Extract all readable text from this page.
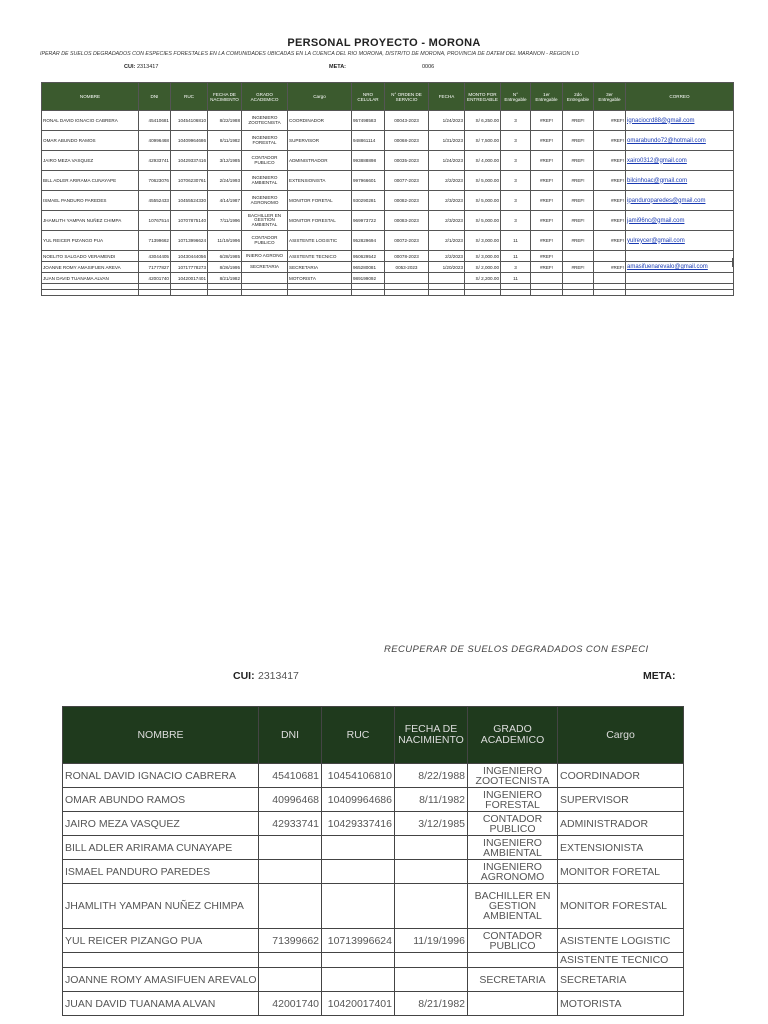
PERSONAL PROYECTO - MORONA
IPERAR DE SUELOS DEGRADADOS CON ESPECIES FORESTALES EN LA COMUNIDADES UBICADAS EN LA CUENCA DEL RIO MORONA, DISTRITO DE MORONA, PROVINCIA DE DATEM DEL MARAÑON - REGION LO
CUI: 2313417	META:	0006
NOMBRE	DNI	RUC	FECHA DE NACIMIENTO	GRADO ACADEMICO	Cargo	NRO CELULAR	N° ORDEN DE SERVICIO	FECHA	MONTO POR ENTREGABLE	N° Entregable	1er Entregable	2do Entregable	3er Entregable	CORREO
RONAL DAVID IGNACIO CABRERA	45410681	10454106810	8/22/1988	INGENIERO ZOOTECNISTA	COORDINADOR	957498583	00043-2023	1/24/2023	S/ 6,250.00	3	#REF!	#REF!	#REF!	ignaciocrd88@gmail.com
OMAR ABUNDO RAMOS	40996468	10409964686	8/11/1982	INGENIERO FORESTAL	SUPERVISOR	948861114	00068-2023	1/31/2023	S/ 7,500.00	3	#REF!	#REF!	#REF!	omarabundo72@hotmail.com
JAIRO MEZA VASQUEZ	42933741	10429337416	3/12/1985	CONTADOR PUBLICO	ADMINISTRADOR	993888898	00035-2023	1/24/2023	S/ 4,000.00	3	#REF!	#REF!	#REF!	xairo0312@gmail.com
BILL ADLER ARIRAMA CUNAYAPE	70623076	10706230761	2/24/1993	INGENIERO AMBIENTAL	EXTENSIONISTA	997966601	00077-2023	2/2/2023	S/ 5,000.00	3	#REF!	#REF!	#REF!	bilcinhoac@gmail.com
ISMAEL PANDURO PAREDES	45552433	10455524330	4/14/1987	INGENIERO AGRONOMO	MONITOR FORETAL	930290281	00082-2023	2/3/2023	S/ 5,000.00	3	#REF!	#REF!	#REF!	ipanduroparedes@gmail.com
JHAMLITH YAMPAN NUÑEZ CHIMPA	10767514	10707875140	7/11/1996	BACHILLER EN GESTION AMBIENTAL	MONITOR FORESTAL	969973722	00083-2023	2/3/2023	S/ 5,000.00	3	#REF!	#REF!	#REF!	jami96nc@gmail.com
YUL REICER PIZANGO PUA	71399662	10713996624	11/19/1996	CONTADOR PUBLICO	ASISTENTE LOGISTIC	952829694	00072-2023	2/1/2023	S/ 3,000.00	11	#REF!	#REF!	#REF!	yulreycer@gmail.com
NOELITO SALGADO VERAMENDI	43044405	10430444056	6/28/1985	INIERO AGRONO	ASISTENTE TECNICO	950629542	00078-2023	2/2/2023	S/ 3,000.00	11	#REF!			
JOANNE ROMY AMASIFUEN AREVA	71777827	10717778273	8/26/1995	SECRETARIA	SECRETARIA	965280081	0053-2023	1/20/2023	S/ 2,000.00	3	#REF!	#REF!	#REF!	amasifuenarevalo@gmail.com
JUAN DAVID TUANAMA ALVAN	42001740	10420017401	8/21/1982		MOTORISTA	989199092			S/ 2,200.00	11				

RECUPERAR DE SUELOS DEGRADADOS CON ESPECI
CUI: 2313417	META:
NOMBRE	DNI	RUC	FECHA DE NACIMIENTO	GRADO ACADEMICO	Cargo
RONAL DAVID IGNACIO CABRERA	45410681	10454106810	8/22/1988	INGENIERO ZOOTECNISTA	COORDINADOR
OMAR ABUNDO RAMOS	40996468	10409964686	8/11/1982	INGENIERO FORESTAL	SUPERVISOR
JAIRO MEZA VASQUEZ	42933741	10429337416	3/12/1985	CONTADOR PUBLICO	ADMINISTRADOR
BILL ADLER ARIRAMA CUNAYAPE				INGENIERO AMBIENTAL	EXTENSIONISTA
ISMAEL PANDURO PAREDES				INGENIERO AGRONOMO	MONITOR FORETAL
JHAMLITH YAMPAN NUÑEZ CHIMPA				BACHILLER EN GESTION AMBIENTAL	MONITOR FORESTAL
YUL REICER PIZANGO PUA	71399662	10713996624	11/19/1996	CONTADOR PUBLICO	ASISTENTE LOGISTIC
					ASISTENTE TECNICO
JOANNE ROMY AMASIFUEN AREVALO				SECRETARIA	SECRETARIA
JUAN DAVID TUANAMA ALVAN	42001740	10420017401	8/21/1982		MOTORISTA
